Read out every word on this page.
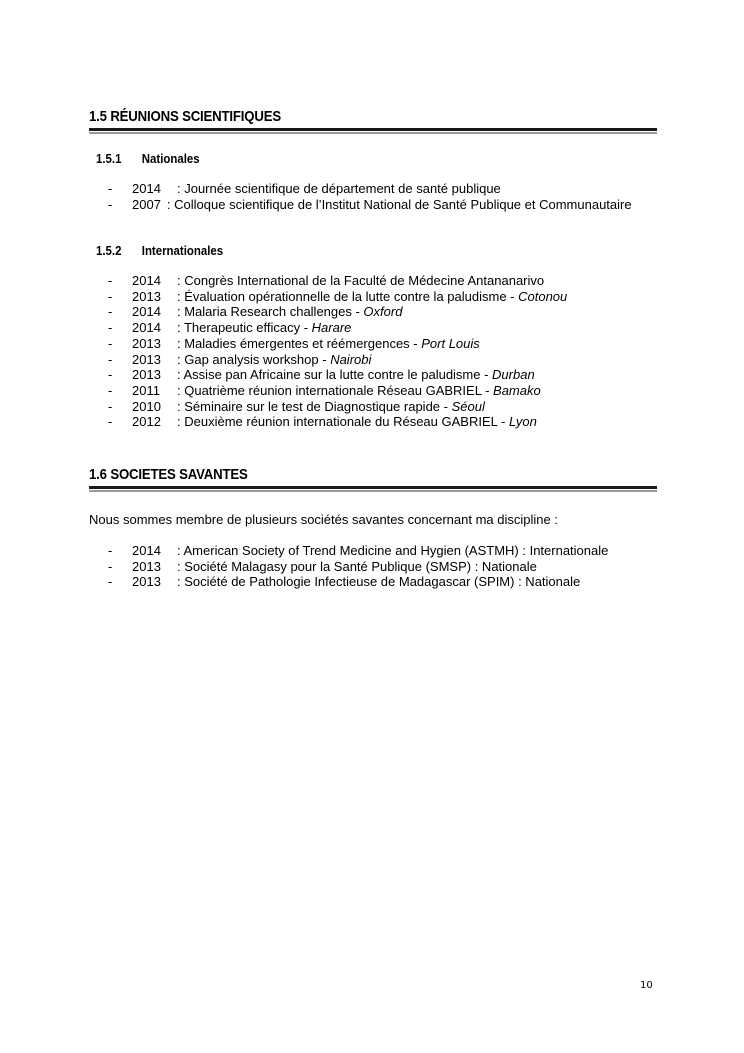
1.5 RÉUNIONS SCIENTIFIQUES
1.5.1 Nationales
- 2014 : Journée scientifique de département de santé publique
- 2007 : Colloque scientifique de l’Institut National de Santé Publique et Communautaire
1.5.2 Internationales
- 2014 : Congrès International de la Faculté de Médecine Antananarivo
- 2013 : Évaluation opérationnelle de la lutte contre la paludisme - Cotonou
- 2014 : Malaria Research challenges - Oxford
- 2014 : Therapeutic efficacy - Harare
- 2013 : Maladies émergentes et réémergences - Port Louis
- 2013 : Gap analysis workshop - Nairobi
- 2013 : Assise pan Africaine sur la lutte contre le paludisme - Durban
- 2011 : Quatrième réunion internationale Réseau GABRIEL - Bamako
- 2010 : Séminaire sur le test de Diagnostique rapide - Séoul
- 2012 : Deuxième réunion internationale du Réseau GABRIEL - Lyon
1.6 SOCIETES SAVANTES
Nous sommes membre de plusieurs sociétés savantes concernant ma discipline :
- 2014 : American Society of Trend Medicine and Hygien (ASTMH) : Internationale
- 2013 : Société Malagasy pour la Santé Publique (SMSP) : Nationale
- 2013 : Société de Pathologie Infectieuse de Madagascar (SPIM) : Nationale
10
